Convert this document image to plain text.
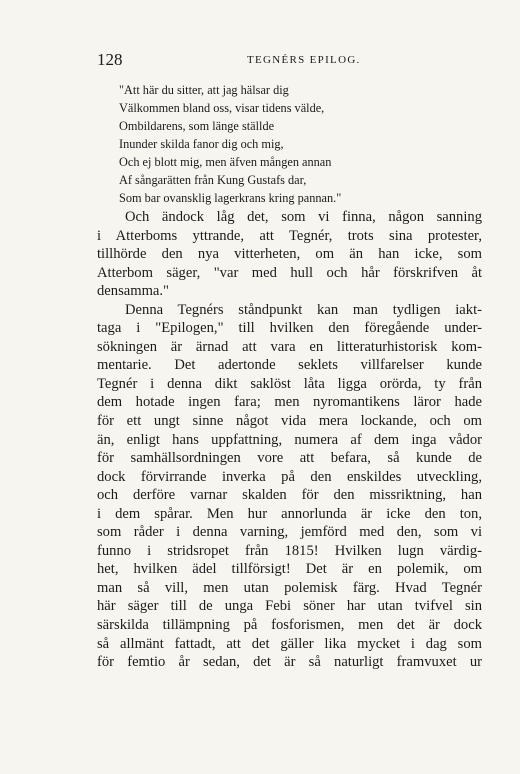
128	TEGNÉRS EPILOG.
"Att här du sitter, att jag hälsar dig
Välkommen bland oss, visar tidens välde,
Ombildarens, som länge ställde
Inunder skilda fanor dig och mig,
Och ej blott mig, men äfven mången annan
Af sångarätten från Kung Gustafs dar,
Som bar ovansklig lagerkrans kring pannan."
Och ändock låg det, som vi finna, någon sanning
i Atterboms yttrande, att Tegnér, trots sina protester,
tillhörde den nya vitterheten, om än han icke, som
Atterbom säger, "var med hull och hår förskrifven åt
densamma."
Denna Tegnérs ståndpunkt kan man tydligen iakt-
taga i "Epilogen," till hvilken den föregående under-
sökningen är ärnad att vara en litteraturhistorisk kom-
mentarie. Det adertonde seklets villfarelser kunde
Tegnér i denna dikt saklöst låta ligga orörda, ty från
dem hotade ingen fara; men nyromantikens läror hade
för ett ungt sinne något vida mera lockande, och om
än, enligt hans uppfattning, numera af dem inga vådor
för samhällsordningen vore att befara, så kunde de
dock förvirrande inverka på den enskildes utveckling,
och derföre varnar skalden för den missriktning, han
i dem spårar. Men hur annorlunda är icke den ton,
som råder i denna varning, jemförd med den, som vi
funno i stridsropet från 1815! Hvilken lugn värdig-
het, hvilken ädel tillförsigt! Det är en polemik, om
man så vill, men utan polemisk färg. Hvad Tegnér
här säger till de unga Febi söner har utan tvifvel sin
särskilda tillämpning på fosforismen, men det är dock
så allmänt fattadt, att det gäller lika mycket i dag som
för femtio år sedan, det är så naturligt framvuxet ur
